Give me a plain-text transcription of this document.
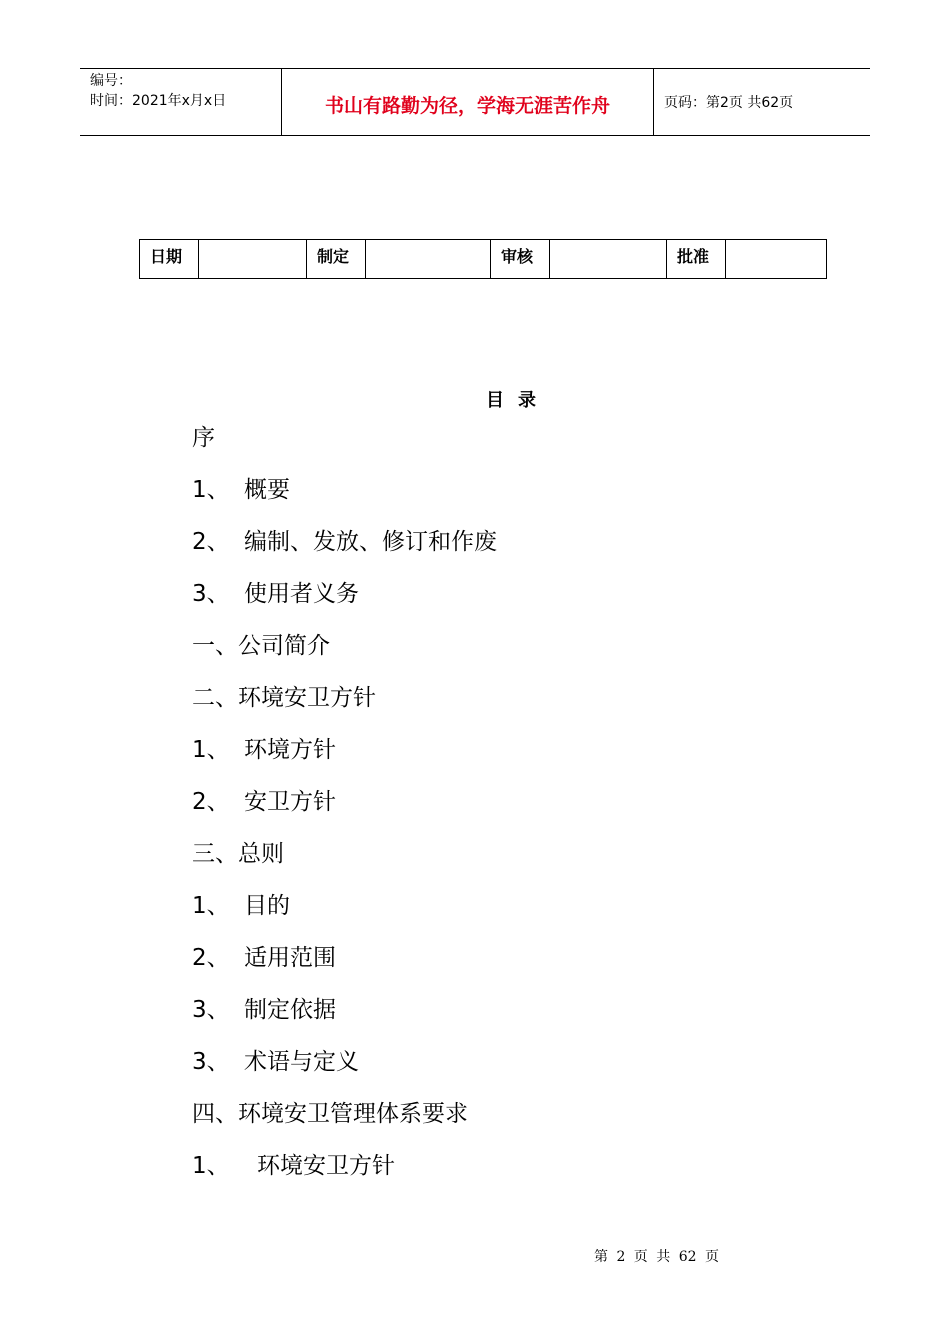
编号：
时间：2021年x月x日	书山有路勤为径，学海无涯苦作舟	页码：第2页 共62页
日期	制定	审核	批准
目录
序
1、 概要
2、 编制、发放、修订和作废
3、 使用者义务
一、公司简介
二、环境安卫方针
1、 环境方针
2、 安卫方针
三、总则
1、 目的
2、 适用范围
3、 制定依据
3、 术语与定义
四、环境安卫管理体系要求
1、	环境安卫方针
第 2 页 共 62 页
